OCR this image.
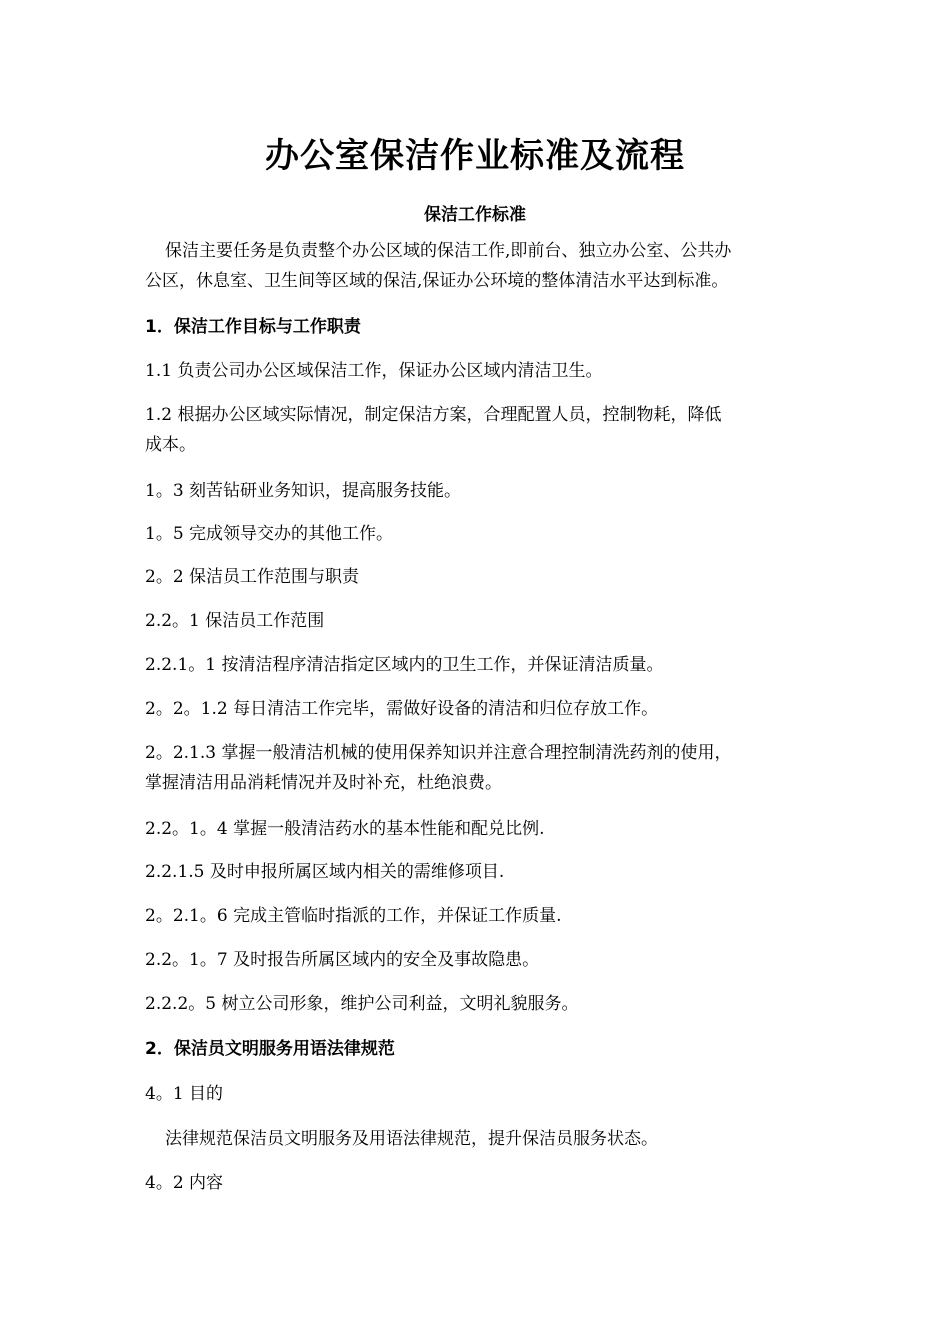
办公室保洁作业标准及流程
保洁工作标准
保洁主要任务是负责整个办公区域的保洁工作,即前台、独立办公室、公共办
公区，休息室、卫生间等区域的保洁,保证办公环境的整体清洁水平达到标准。
1．保洁工作目标与工作职责
1.1 负责公司办公区域保洁工作，保证办公区域内清洁卫生。
1.2 根据办公区域实际情况，制定保洁方案，合理配置人员，控制物耗，降低
成本。
1。3 刻苦钻研业务知识，提高服务技能。
1。5 完成领导交办的其他工作。
2。2 保洁员工作范围与职责
2.2。1 保洁员工作范围
2.2.1。1 按清洁程序清洁指定区域内的卫生工作，并保证清洁质量。
2。2。1.2 每日清洁工作完毕，需做好设备的清洁和归位存放工作。
2。2.1.3 掌握一般清洁机械的使用保养知识并注意合理控制清洗药剂的使用，
掌握清洁用品消耗情况并及时补充，杜绝浪费。
2.2。1。4 掌握一般清洁药水的基本性能和配兑比例.
2.2.1.5 及时申报所属区域内相关的需维修项目.
2。2.1。6 完成主管临时指派的工作，并保证工作质量.
2.2。1。7 及时报告所属区域内的安全及事故隐患。
2.2.2。5 树立公司形象，维护公司利益，文明礼貌服务。
2．保洁员文明服务用语法律规范
4。1 目的
法律规范保洁员文明服务及用语法律规范，提升保洁员服务状态。
4。2 内容
